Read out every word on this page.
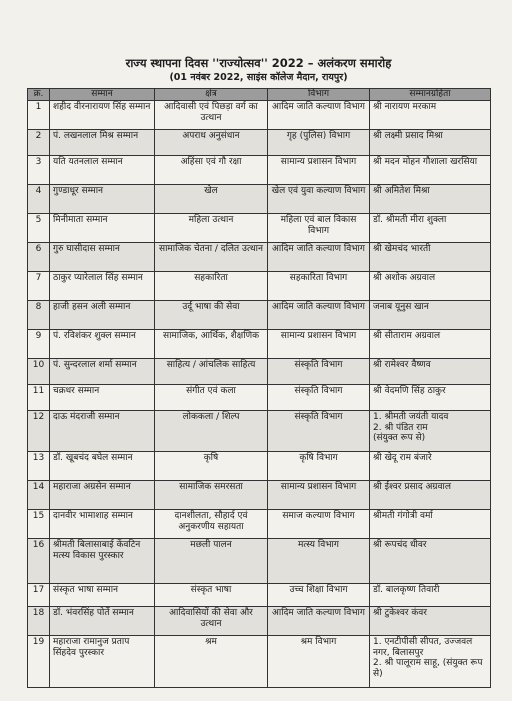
राज्य स्थापना दिवस ''राज्योत्सव'' 2022 – अलंकरण समारोह

(01 नवंबर 2022, साइंस कॉलेज मैदान, रायपुर)

क्र.	सम्मान	क्षेत्र	विभाग	सम्मानग्रहिता
1	शहीद वीरनारायण सिंह सम्मान	आदिवासी एवं पिछड़ा वर्ग का उत्थान	आदिम जाति कल्याण विभाग	श्री नारायण मरकाम

2	पं. लखनलाल मिश्र सम्मान	अपराध अनुसंधान	गृह (पुलिस) विभाग	श्री लक्ष्मी प्रसाद मिश्रा

3	यति यतनलाल सम्मान	अहिंसा एवं गौ रक्षा	सामान्य प्रशासन विभाग	श्री मदन मोहन गौशाला खरसिया

4	गुण्डाधूर सम्मान	खेल	खेल एवं युवा कल्याण विभाग	श्री अमितेश मिश्रा

5	मिनीमाता सम्मान	महिला उत्थान	महिला एवं बाल विकास विभाग	डॉ. श्रीमती मीरा शुक्ला

6	गुरु घासीदास सम्मान	सामाजिक चेतना / दलित उत्थान	आदिम जाति कल्याण विभाग	श्री खेमचंद भारती

7	ठाकुर प्यारेलाल सिंह सम्मान	सहकारिता	सहकारिता विभाग	श्री अशोक अग्रवाल

8	हाजी हसन अली सम्मान	उर्दू भाषा की सेवा	आदिम जाति कल्याण विभाग	जनाब यूनुस खान

9	पं. रविशंकर शुक्ल सम्मान	सामाजिक, आर्थिक, शैक्षणिक	सामान्य प्रशासन विभाग	श्री सीताराम अग्रवाल

10	पं. सुन्दरलाल शर्मा सम्मान	साहित्य / आंचलिक साहित्य	संस्कृति विभाग	श्री रामेश्वर वैष्णव

11	चक्रधर सम्मान	संगीत एवं कला	संस्कृति विभाग	श्री वेदमणि सिंह ठाकुर

12	दाऊ मंदराजी सम्मान	लोककला / शिल्प	संस्कृति विभाग	1. श्रीमती जयंती यादव
2. श्री पंडित राम
(संयुक्त रूप से)

13	डॉ. खूबचंद बघेल सम्मान	कृषि	कृषि विभाग	श्री खेदू राम बंजारे

14	महाराजा अग्रसेन सम्मान	सामाजिक समरसता	सामान्य प्रशासन विभाग	श्री ईश्वर प्रसाद अग्रवाल

15	दानवीर भामाशाह सम्मान	दानशीलता, सौहार्द एवं अनुकरणीय सहायता	समाज कल्याण विभाग	श्रीमती गंगोत्री वर्मा

16	श्रीमती बिलासाबाई केंवटिन मत्स्य विकास पुरस्कार	मछली पालन	मत्स्य विभाग	श्री रूपचंद धीवर

17	संस्कृत भाषा सम्मान	संस्कृत भाषा	उच्च शिक्षा विभाग	डॉ. बालकृष्ण तिवारी

18	डॉ. भंवरसिंह पोर्ते सम्मान	आदिवासियों की सेवा और उत्थान	आदिम जाति कल्याण विभाग	श्री टुकेश्वर कंवर

19	महाराजा रामानुज प्रताप सिंहदेव पुरस्कार	श्रम	श्रम विभाग	1. एनटीपीसी सीपत, उज्जवल नगर, बिलासपुर
2. श्री पालूराम साहू, (संयुक्त रूप से)
